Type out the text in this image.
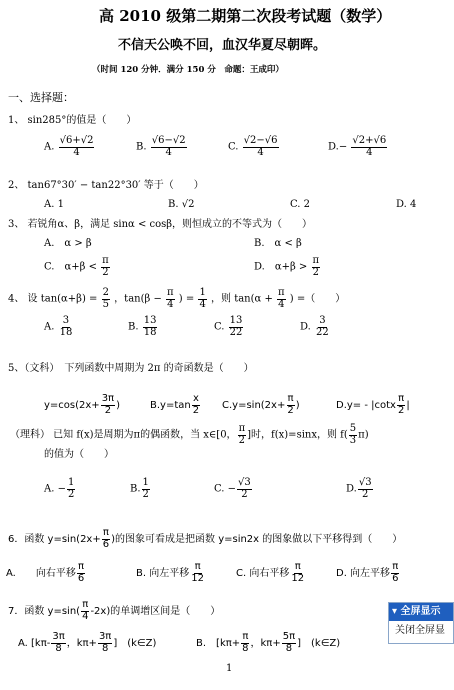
高 2010 级第二期第二次段考试题（数学）
不信天公唤不回，血汉华夏尽朝晖。
（时间 120 分钟．满分 150 分　命题：王成印）
一、选择题：
1、 sin285°的值是（　　）
A. $\frac{√6+√2}{4}$	B. $\frac{√6-√2}{4}$	C. $\frac{√2-√6}{4}$	$D.- \frac{√2+√6}{4}$
2、 tan67°30′ − tan22°30′ 等于（　　）
A. 1	B. √2	C. 2	D. 4
3、 若锐角α、β，满足 sinα < cosβ，则恒成立的不等式为（　　）
A.　α > β	B.　α < β
C.　$\alpha+\beta < \frac{\pi}{2}$	D.　$\alpha+\beta > \frac{\pi}{2}$
4、 设 $\tan(\alpha+\beta) = \frac{2}{5}$ ，$\tan(\beta - \frac{\pi}{4}$ ) = $\frac{1}{4}$ ，则 $\tan(\alpha + \frac{\pi}{4}$ ) =（　　）
A. $\frac{3}{18}$	B. $\frac{13}{18}$	C. $\frac{13}{22}$	D. $\frac{3}{22}$
5、（文科）　下列函数中周期为 2π 的奇函数是（　　）
$y=\cos(2x+ \frac{3\pi}{2}$ )	$B.y=\tan \frac{x}{2} C.y=\sin(2x+ \frac{\pi}{2}$ )	$D.y= - |\cot x \frac{\pi}{2}$ |
（理科） 已知 f(x)是周期为π的偶函数，当 x∈[0， $\frac{\pi}{2}$ ]时，f(x)=sinx，则 $f( \frac{5}{3} \pi)$
的值为（　　）
A. − $\frac{1}{2}$	B. $\frac{1}{2}$	C. − $\frac{√3}{2}$	D. $\frac{√3}{2}$
6．函数 $y=\sin(2x+ \frac{\pi}{6}$ )的图象可看成是把函数 y=sin2x 的图象做以下平移得到（　　）
A.　　向右平移 $\frac{\pi}{6}$	B. 向左平移 $\frac{\pi}{12}$	C. 向右平移 $\frac{\pi}{12}$	D. 向左平移 $\frac{\pi}{6}$
7．函数 $y=\sin( \frac{\pi}{4} -2x)$的单调增区间是（　　）
A. [$k\pi- \frac{3\pi}{8}$ ，$k\pi+ \frac{3\pi}{8}$ ]　(k∈Z)	B.　[$k\pi+ \frac{\pi}{8}$ ，$k\pi+ \frac{5\pi}{8}$ ]　(k∈Z)
1
▾ 全屏显示
关闭全屏显
